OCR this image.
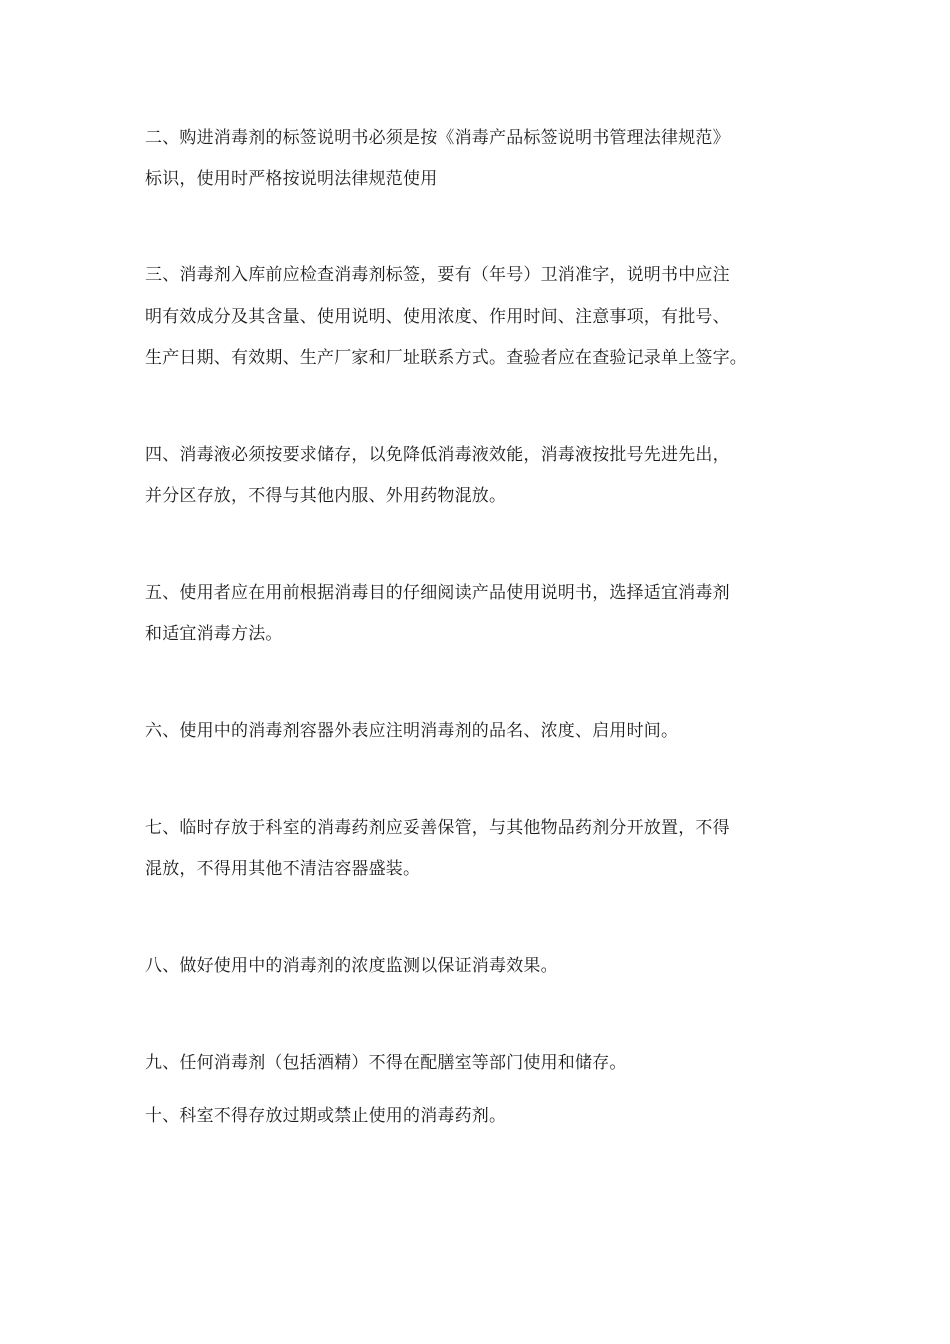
二、购进消毒剂的标签说明书必须是按《消毒产品标签说明书管理法律规范》
标识，使用时严格按说明法律规范使用
三、消毒剂入库前应检查消毒剂标签，要有（年号）卫消准字，说明书中应注
明有效成分及其含量、使用说明、使用浓度、作用时间、注意事项，有批号、
生产日期、有效期、生产厂家和厂址联系方式。查验者应在查验记录单上签字。
四、消毒液必须按要求储存，以免降低消毒液效能，消毒液按批号先进先出，
并分区存放，不得与其他内服、外用药物混放。
五、使用者应在用前根据消毒目的仔细阅读产品使用说明书，选择适宜消毒剂
和适宜消毒方法。
六、使用中的消毒剂容器外表应注明消毒剂的品名、浓度、启用时间。
七、临时存放于科室的消毒药剂应妥善保管，与其他物品药剂分开放置，不得
混放，不得用其他不清洁容器盛装。
八、做好使用中的消毒剂的浓度监测以保证消毒效果。
九、任何消毒剂（包括酒精）不得在配膳室等部门使用和储存。
十、科室不得存放过期或禁止使用的消毒药剂。
